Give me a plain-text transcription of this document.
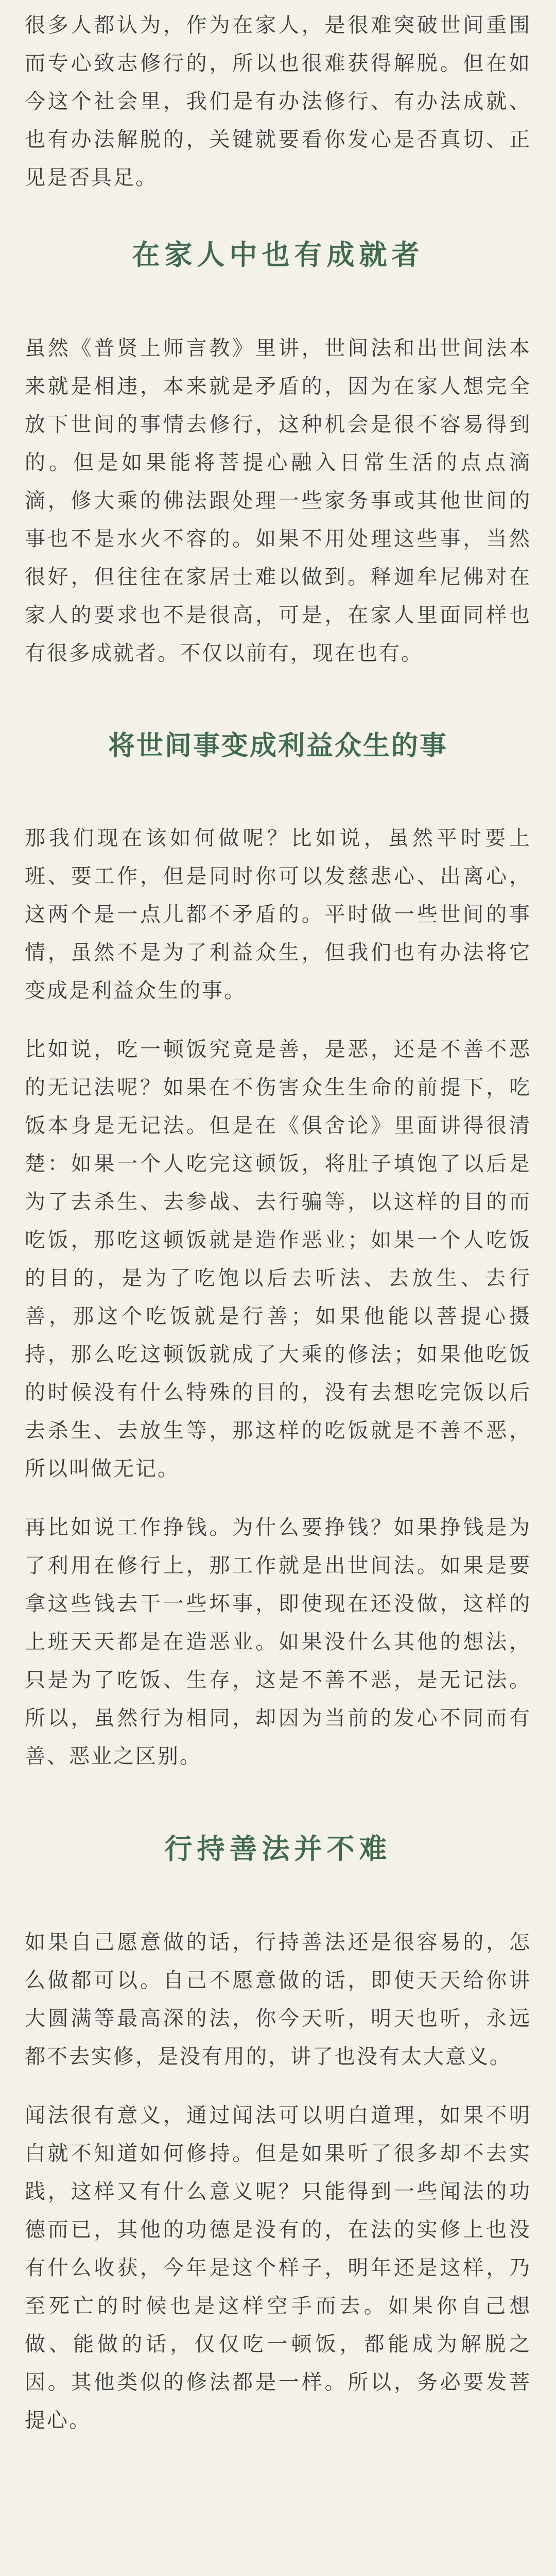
很多人都认为，作为在家人，是很难突破世间重围而专心致志修行的，所以也很难获得解脱。但在如今这个社会里，我们是有办法修行、有办法成就、也有办法解脱的，关键就要看你发心是否真切、正见是否具足。

在家人中也有成就者

虽然《普贤上师言教》里讲，世间法和出世间法本来就是相违，本来就是矛盾的，因为在家人想完全放下世间的事情去修行，这种机会是很不容易得到的。但是如果能将菩提心融入日常生活的点点滴滴，修大乘的佛法跟处理一些家务事或其他世间的事也不是水火不容的。如果不用处理这些事，当然很好，但往往在家居士难以做到。释迦牟尼佛对在家人的要求也不是很高，可是，在家人里面同样也有很多成就者。不仅以前有，现在也有。

将世间事变成利益众生的事

那我们现在该如何做呢？比如说，虽然平时要上班、要工作，但是同时你可以发慈悲心、出离心，这两个是一点儿都不矛盾的。平时做一些世间的事情，虽然不是为了利益众生，但我们也有办法将它变成是利益众生的事。

比如说，吃一顿饭究竟是善，是恶，还是不善不恶的无记法呢？如果在不伤害众生生命的前提下，吃饭本身是无记法。但是在《俱舍论》里面讲得很清楚：如果一个人吃完这顿饭，将肚子填饱了以后是为了去杀生、去参战、去行骗等，以这样的目的而吃饭，那吃这顿饭就是造作恶业；如果一个人吃饭的目的，是为了吃饱以后去听法、去放生、去行善，那这个吃饭就是行善；如果他能以菩提心摄持，那么吃这顿饭就成了大乘的修法；如果他吃饭的时候没有什么特殊的目的，没有去想吃完饭以后去杀生、去放生等，那这样的吃饭就是不善不恶，所以叫做无记。

再比如说工作挣钱。为什么要挣钱？如果挣钱是为了利用在修行上，那工作就是出世间法。如果是要拿这些钱去干一些坏事，即使现在还没做，这样的上班天天都是在造恶业。如果没什么其他的想法，只是为了吃饭、生存，这是不善不恶，是无记法。所以，虽然行为相同，却因为当前的发心不同而有善、恶业之区别。

行持善法并不难

如果自己愿意做的话，行持善法还是很容易的，怎么做都可以。自己不愿意做的话，即使天天给你讲大圆满等最高深的法，你今天听，明天也听，永远都不去实修，是没有用的，讲了也没有太大意义。

闻法很有意义，通过闻法可以明白道理，如果不明白就不知道如何修持。但是如果听了很多却不去实践，这样又有什么意义呢？只能得到一些闻法的功德而已，其他的功德是没有的，在法的实修上也没有什么收获，今年是这个样子，明年还是这样，乃至死亡的时候也是这样空手而去。如果你自己想做、能做的话，仅仅吃一顿饭，都能成为解脱之因。其他类似的修法都是一样。所以，务必要发菩提心。
